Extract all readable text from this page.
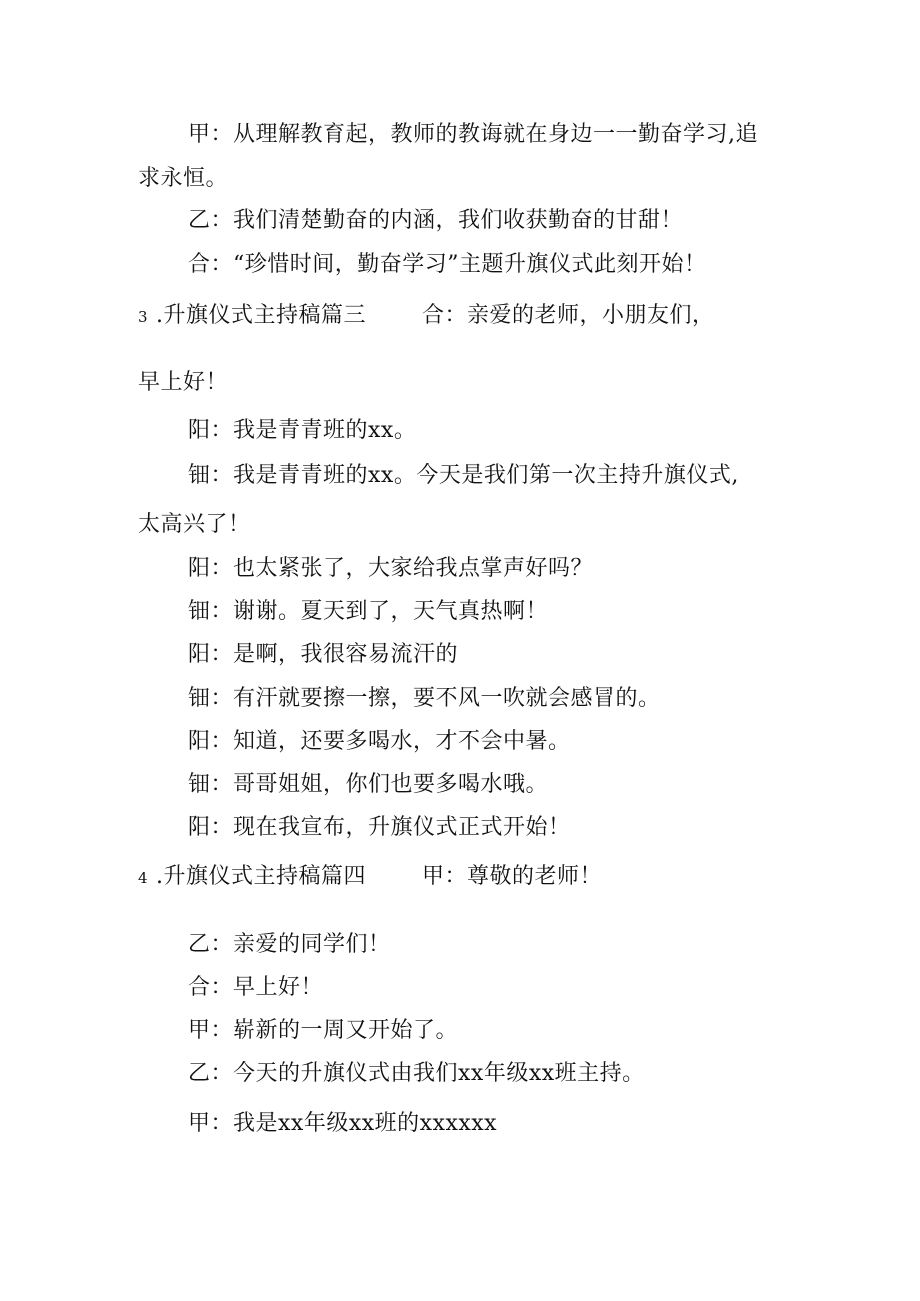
甲：从理解教育起，教师的教诲就在身边一一勤奋学习,追
求永恒。
乙：我们清楚勤奋的内涵，我们收获勤奋的甘甜！
合：“珍惜时间，勤奋学习”主题升旗仪式此刻开始！
3 .升旗仪式主持稿篇三	合：亲爱的老师，小朋友们，
早上好！
阳：我是青青班的xx。
钿：我是青青班的xx。今天是我们第一次主持升旗仪式,
太高兴了！
阳：也太紧张了，大家给我点掌声好吗？
钿：谢谢。夏天到了，天气真热啊！
阳：是啊，我很容易流汗的
钿：有汗就要擦一擦，要不风一吹就会感冒的。
阳：知道，还要多喝水，才不会中暑。
钿：哥哥姐姐，你们也要多喝水哦。
阳：现在我宣布，升旗仪式正式开始！
4 .升旗仪式主持稿篇四	甲：尊敬的老师！
乙：亲爱的同学们！
合：早上好！
甲：崭新的一周又开始了。
乙：今天的升旗仪式由我们xx年级xx班主持。
甲：我是xx年级xx班的xxxxxx
